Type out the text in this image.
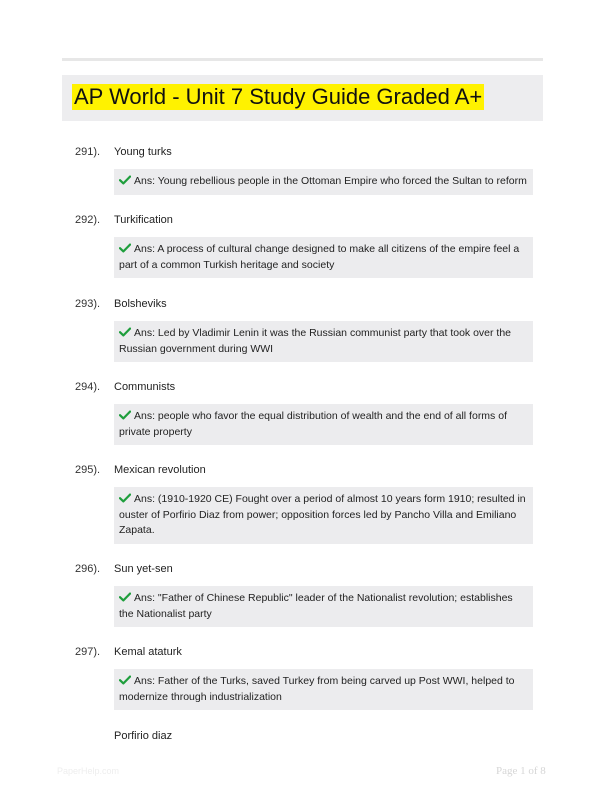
AP World - Unit 7 Study Guide Graded A+
291). Young turks
Ans: Young rebellious people in the Ottoman Empire who forced the Sultan to reform
292). Turkification
Ans: A process of cultural change designed to make all citizens of the empire feel a part of a common Turkish heritage and society
293). Bolsheviks
Ans: Led by Vladimir Lenin it was the Russian communist party that took over the Russian government during WWI
294). Communists
Ans: people who favor the equal distribution of wealth and the end of all forms of private property
295). Mexican revolution
Ans: (1910-1920 CE) Fought over a period of almost 10 years form 1910; resulted in ouster of Porfirio Diaz from power; opposition forces led by Pancho Villa and Emiliano Zapata.
296). Sun yet-sen
Ans: "Father of Chinese Republic" leader of the Nationalist revolution; establishes the Nationalist party
297). Kemal ataturk
Ans: Father of the Turks, saved Turkey from being carved up Post WWI, helped to modernize through industrialization
Porfirio diaz
PaperHelp.com	Page 1 of 8
